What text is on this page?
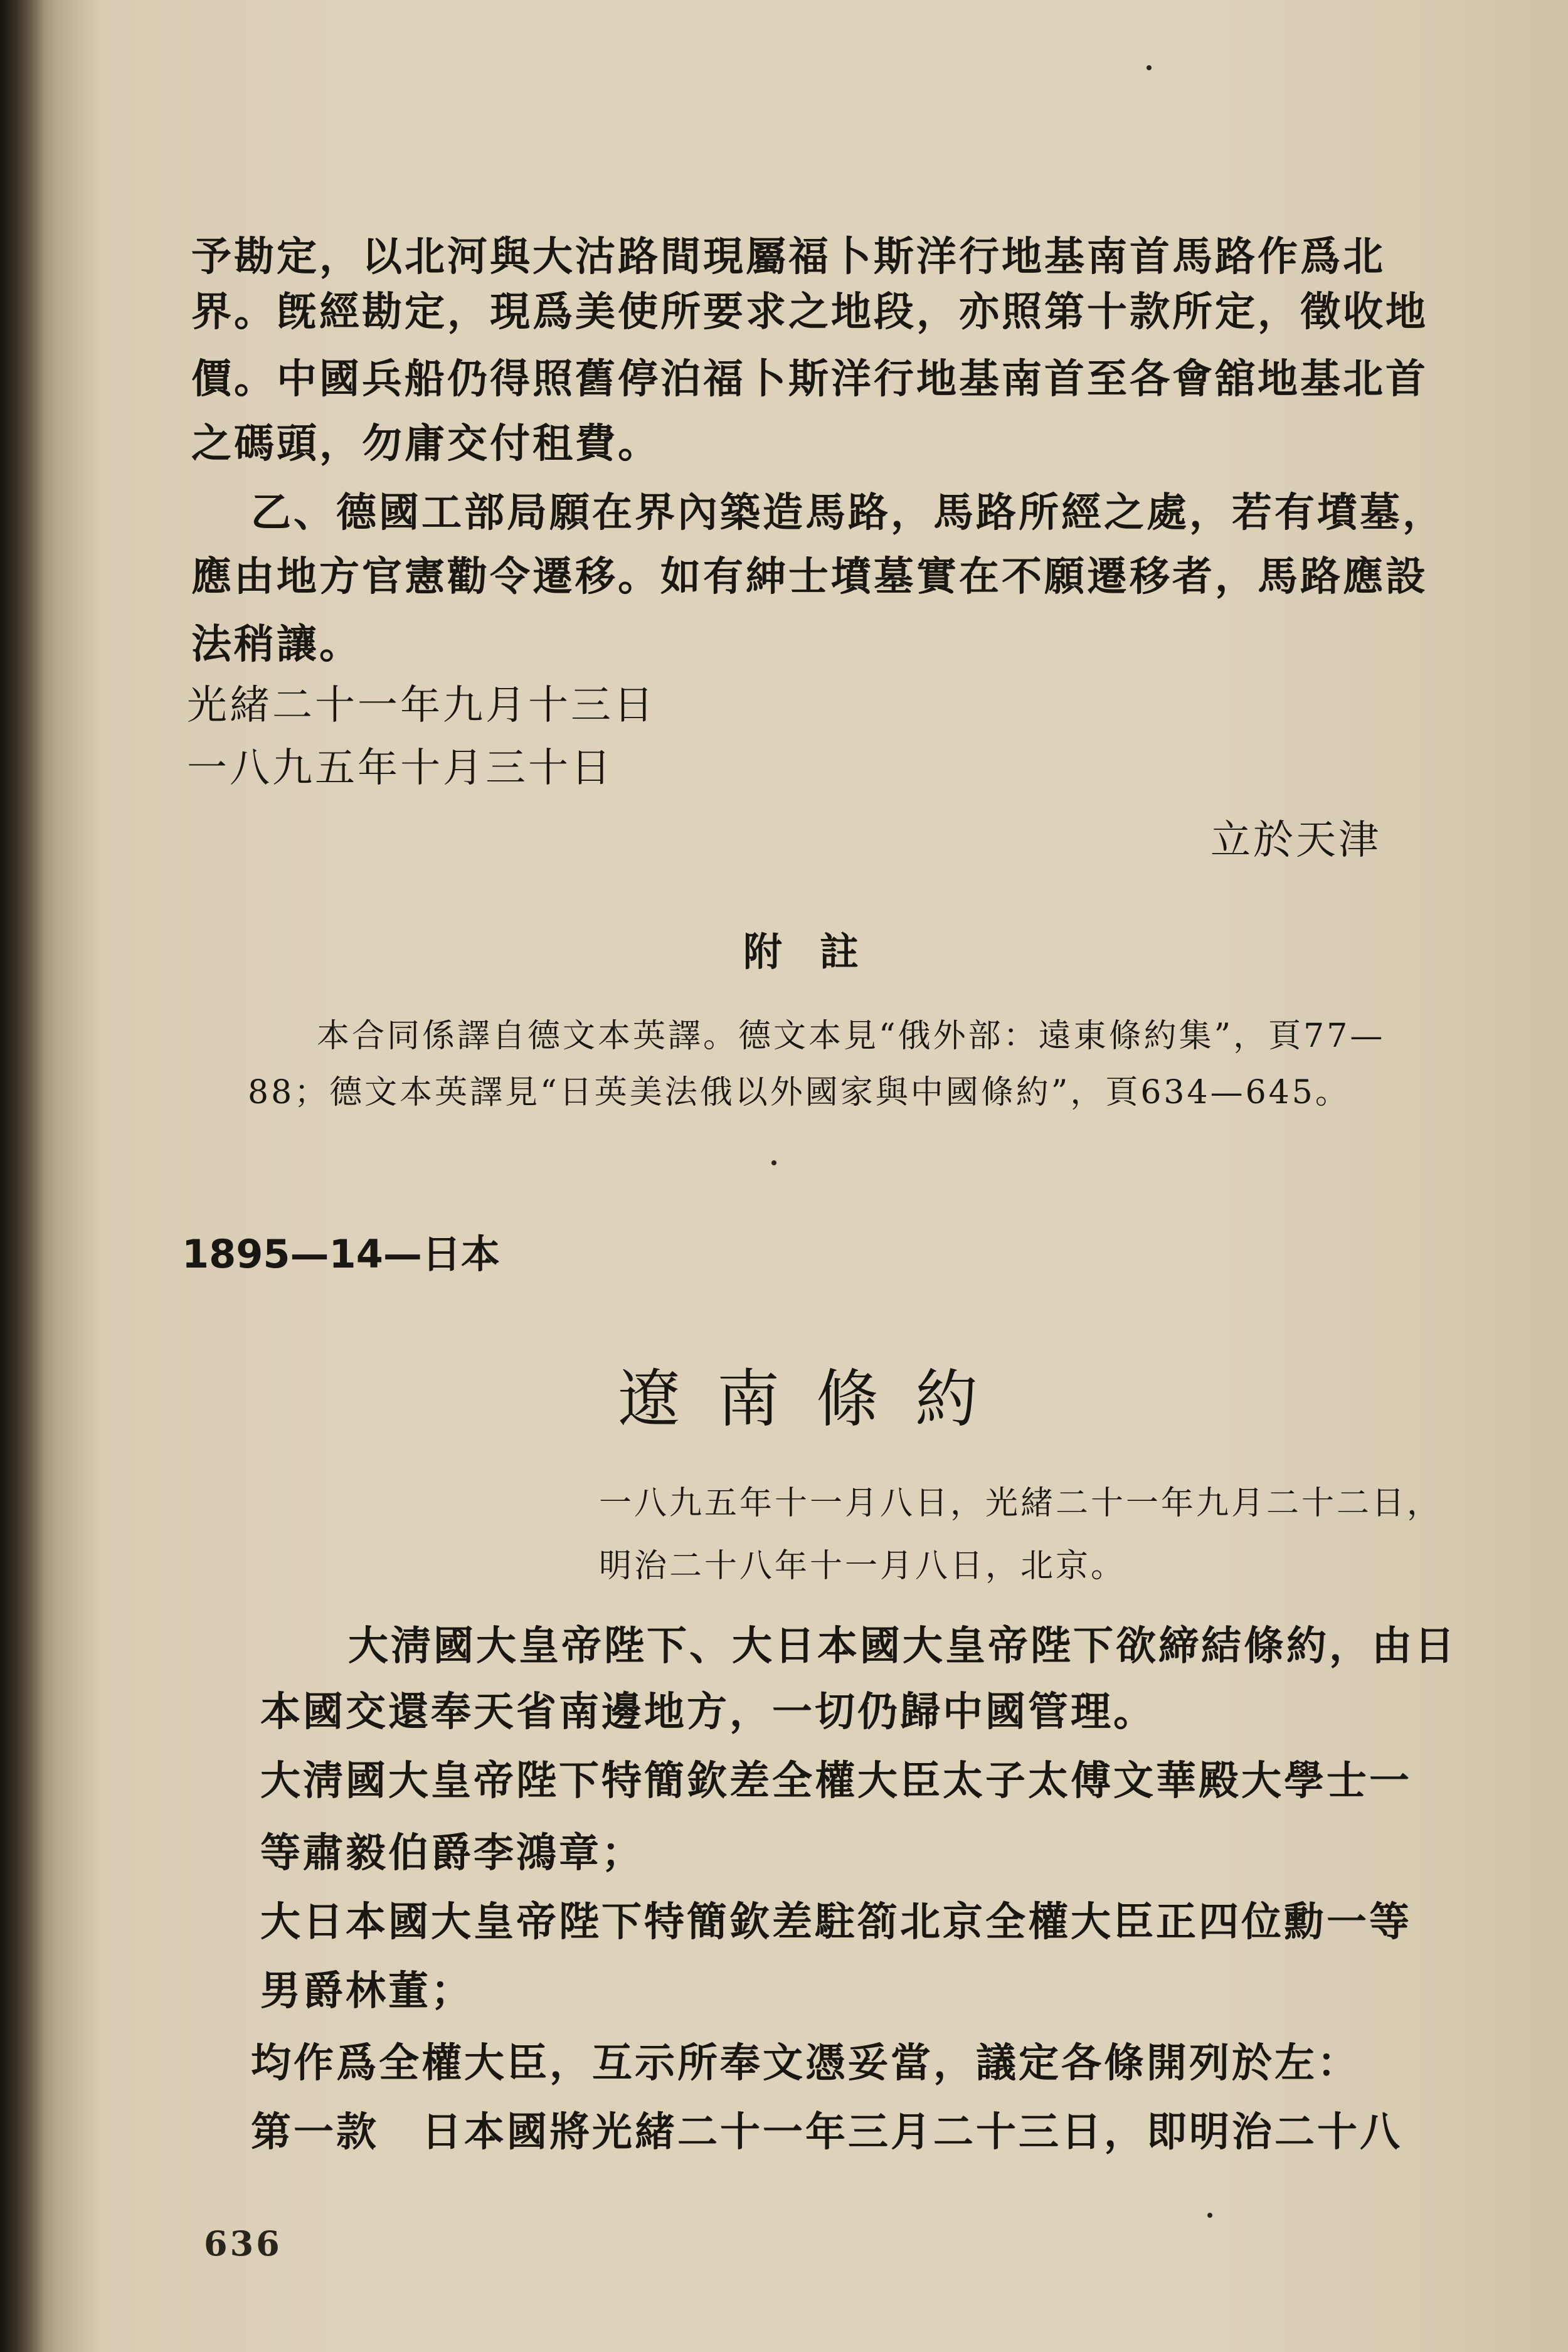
予勘定，以北河與大沽路間現屬福卜斯洋行地基南首馬路作爲北
界。旣經勘定，現爲美使所要求之地段，亦照第十款所定，徵收地
價。中國兵船仍得照舊停泊福卜斯洋行地基南首至各會舘地基北首
之碼頭，勿庸交付租費。
乙、德國工部局願在界內築造馬路，馬路所經之處，若有墳墓，
應由地方官憲勸令遷移。如有紳士墳墓實在不願遷移者，馬路應設
法稍讓。
光緒二十一年九月十三日
一八九五年十月三十日
立於天津
附註
本合同係譯自德文本英譯。德文本見“俄外部：遠東條約集”，頁77—
88；德文本英譯見“日英美法俄以外國家與中國條約”，頁634—645。
1895—14—日本
遼南條約
一八九五年十一月八日，光緒二十一年九月二十二日，
明治二十八年十一月八日，北京。
大淸國大皇帝陛下、大日本國大皇帝陛下欲締結條約，由日
本國交還奉天省南邊地方，一切仍歸中國管理。
大淸國大皇帝陛下特簡欽差全權大臣太子太傅文華殿大學士一
等肅毅伯爵李鴻章；
大日本國大皇帝陛下特簡欽差駐箚北京全權大臣正四位勳一等
男爵林董；
均作爲全權大臣，互示所奉文憑妥當，議定各條開列於左：
第一款　日本國將光緒二十一年三月二十三日，即明治二十八
636
